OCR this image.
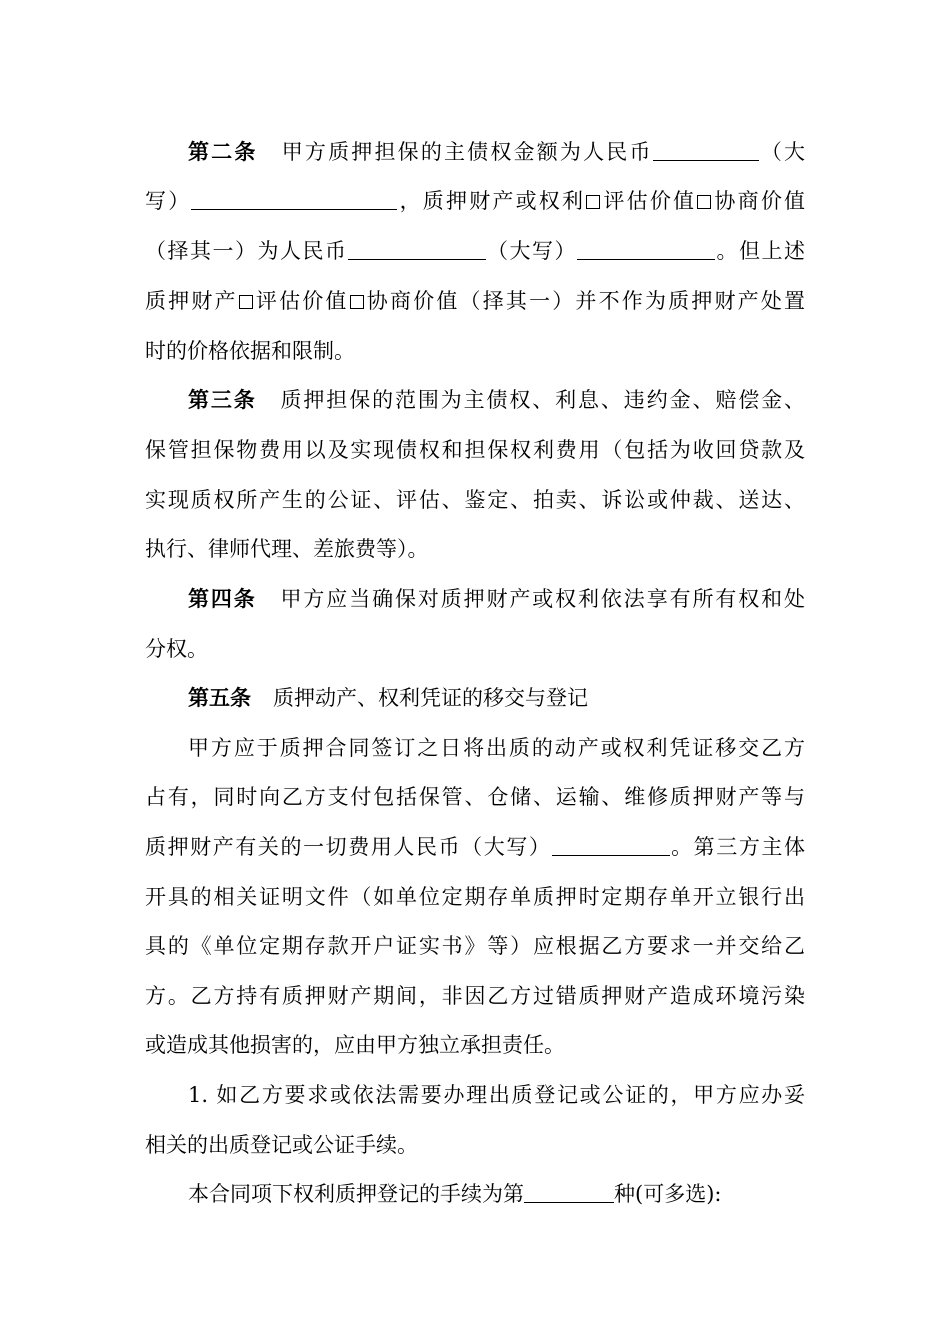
第二条 甲方质押担保的主债权金额为人民币	（大
写）	，质押财产或权利 评估价值 协商价值
（择其一）为人民币	（大写）	。但上述
质押财产 评估价值 协商价值（择其一）并不作为质押财产处置
时的价格依据和限制。
第三条 质押担保的范围为主债权、利息、违约金、赔偿金、
保管担保物费用以及实现债权和担保权利费用（包括为收回贷款及
实现质权所产生的公证、评估、鉴定、拍卖、诉讼或仲裁、送达、
执行、律师代理、差旅费等）。
第四条 甲方应当确保对质押财产或权利依法享有所有权和处
分权。
第五条 质押动产、权利凭证的移交与登记
甲方应于质押合同签订之日将出质的动产或权利凭证移交乙方
占有，同时向乙方支付包括保管、仓储、运输、维修质押财产等与
质押财产有关的一切费用人民币（大写）	。第三方主体
开具的相关证明文件（如单位定期存单质押时定期存单开立银行出
具的《单位定期存款开户证实书》等）应根据乙方要求一并交给乙
方。乙方持有质押财产期间，非因乙方过错质押财产造成环境污染
或造成其他损害的，应由甲方独立承担责任。
1. 如乙方要求或依法需要办理出质登记或公证的，甲方应办妥
相关的出质登记或公证手续。
本合同项下权利质押登记的手续为第	种(可多选):
